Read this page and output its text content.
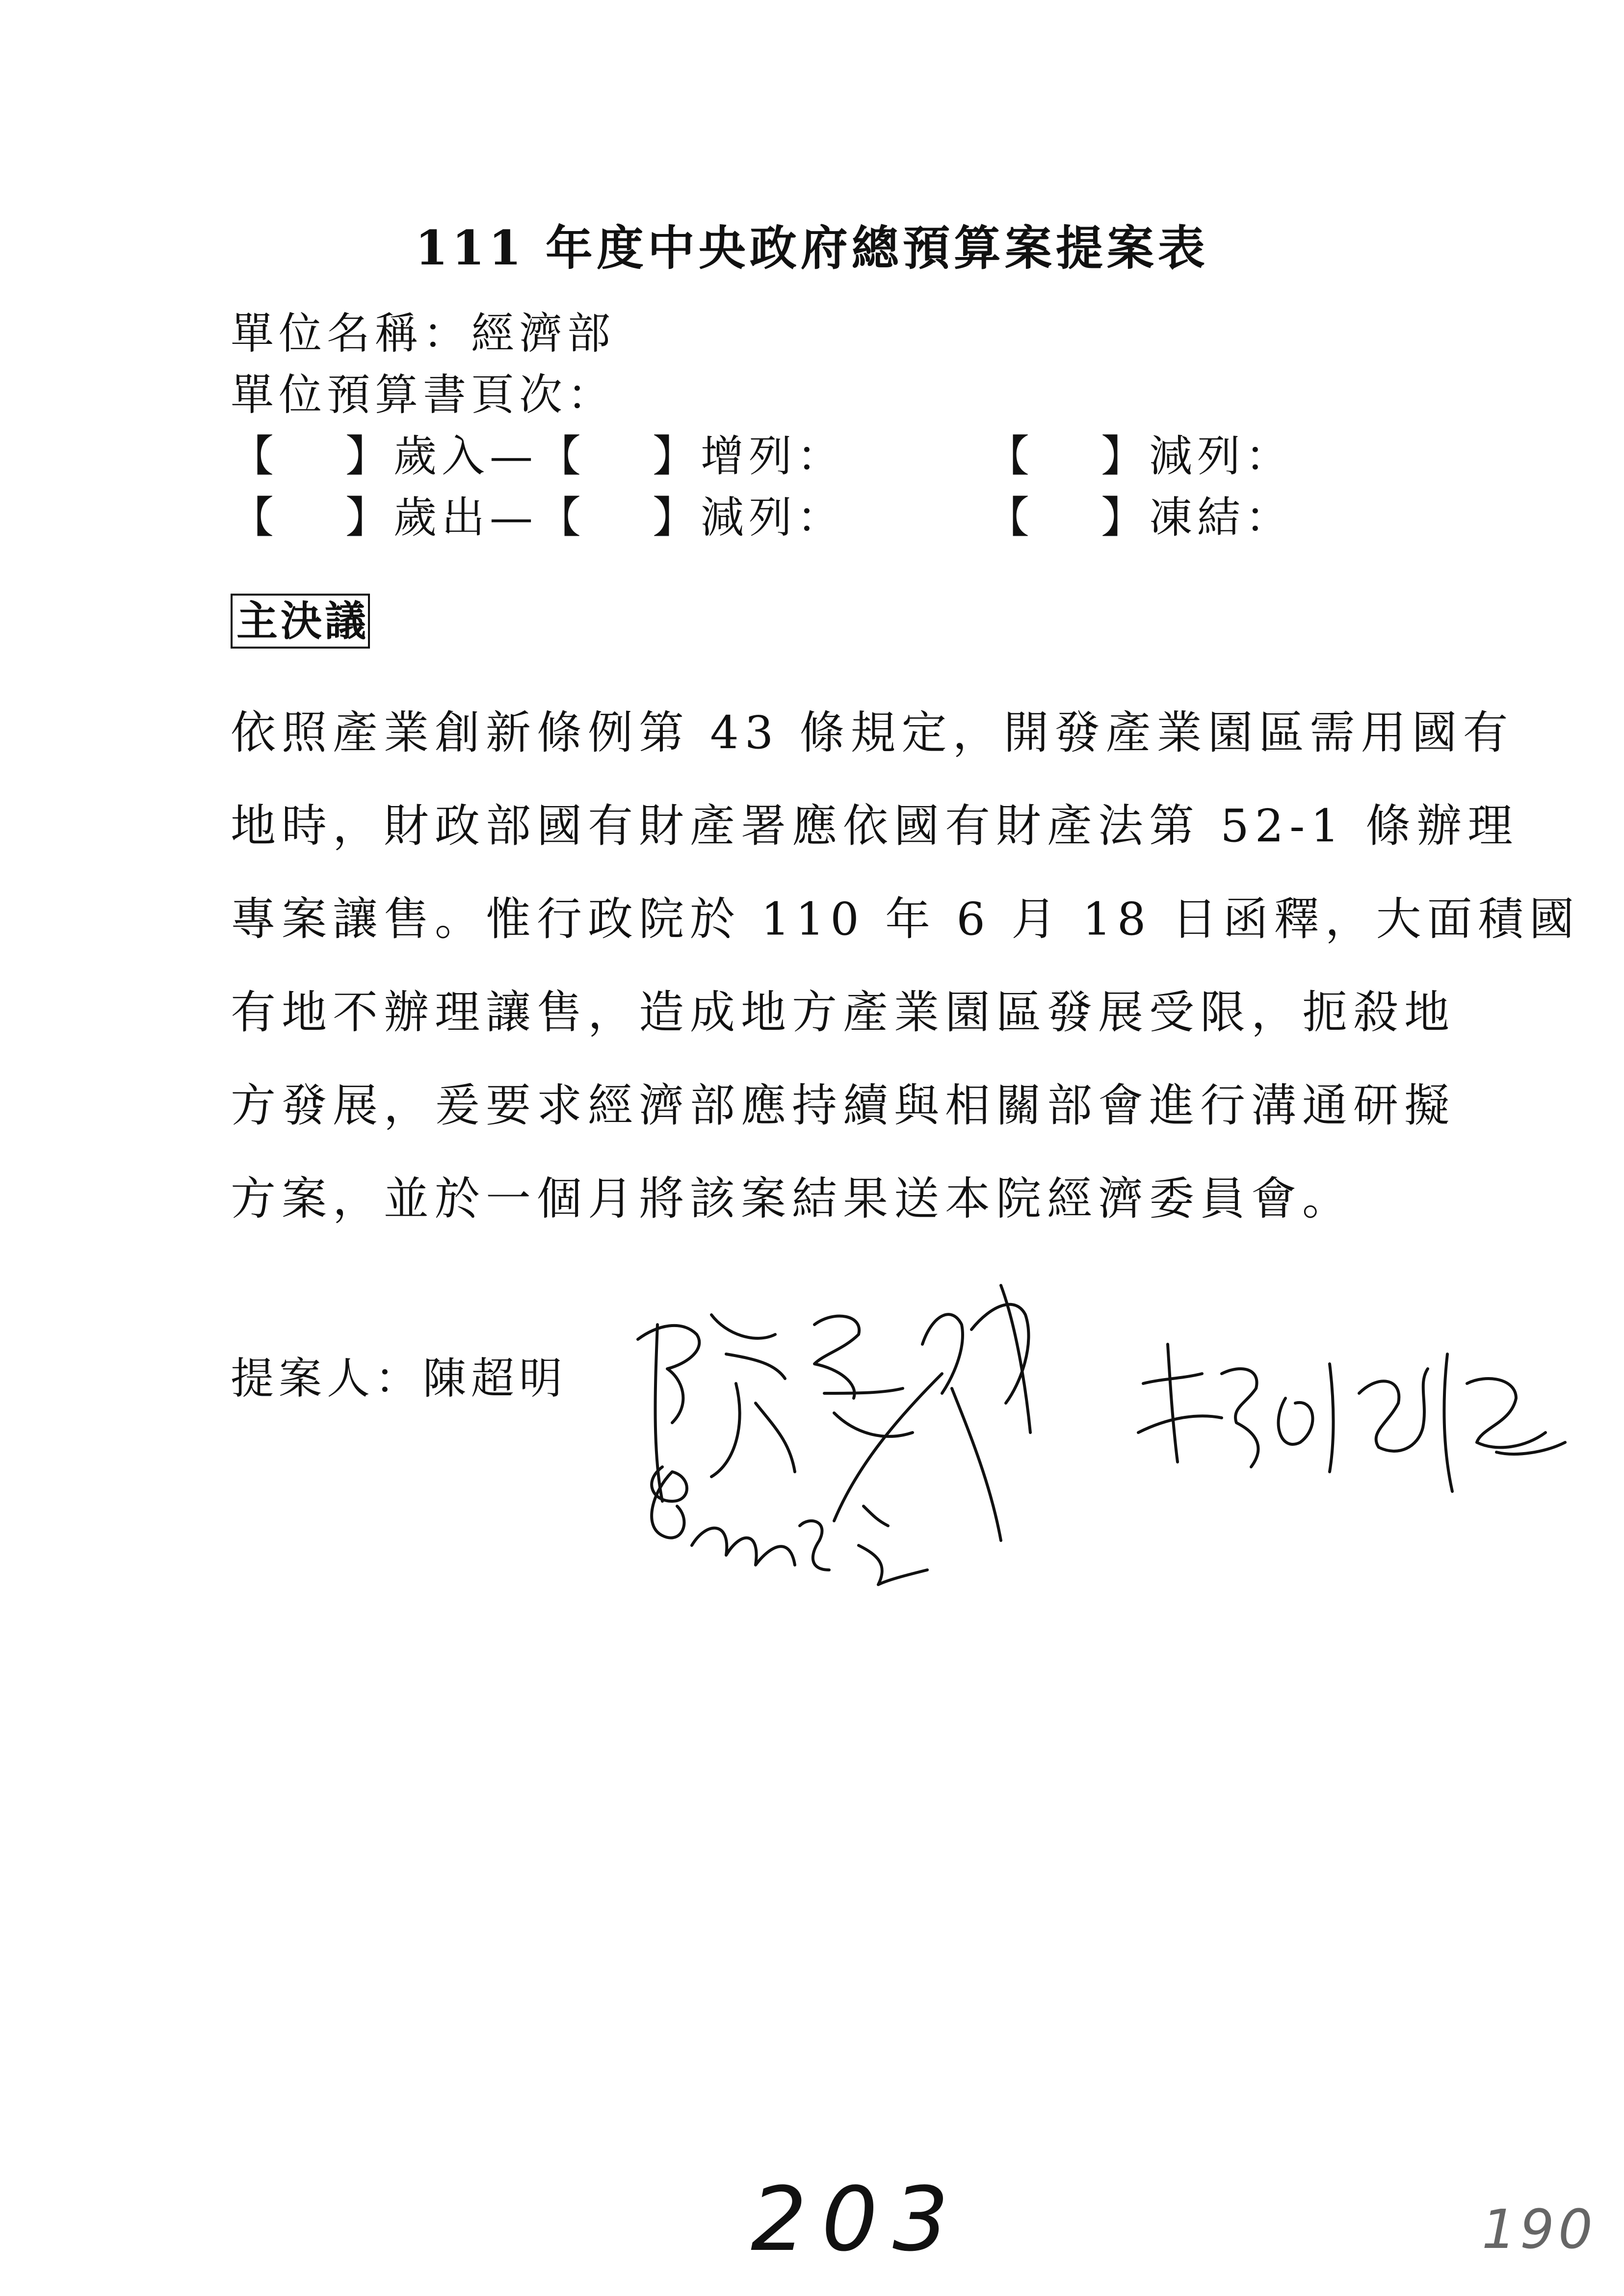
111 年度中央政府總預算案提案表
單位名稱：經濟部
單位預算書頁次：
【　 】歲入—【　 】增列：	【　 】減列：
【　 】歲出—【　 】減列：	【　 】凍結：
主決議
依照產業創新條例第 43 條規定，開發產業園區需用國有
地時，財政部國有財產署應依國有財產法第 52-1 條辦理
專案讓售。惟行政院於 110 年 6 月 18 日函釋，大面積國
有地不辦理讓售，造成地方產業園區發展受限，扼殺地
方發展，爰要求經濟部應持續與相關部會進行溝通研擬
方案，並於一個月將該案結果送本院經濟委員會。
提案人：陳超明
203	190
